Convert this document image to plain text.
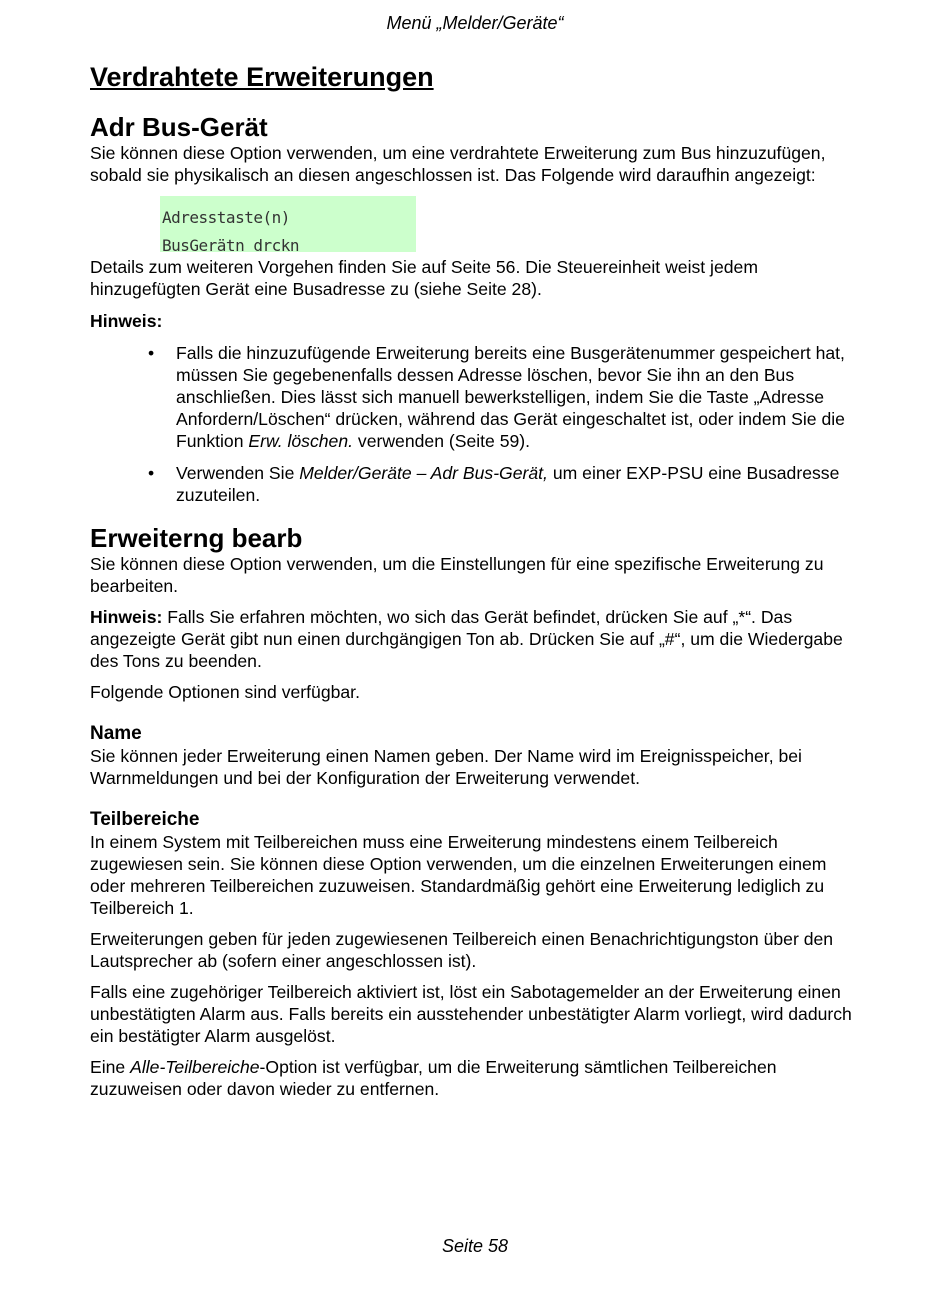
Menü „Melder/Geräte“
Verdrahtete Erweiterungen
Adr Bus-Gerät

Sie können diese Option verwenden, um eine verdrahtete Erweiterung zum Bus hinzuzufügen, sobald sie physikalisch an diesen angeschlossen ist. Das Folgende wird daraufhin angezeigt:

Adresstaste(n)
BusGerätn drckn

Details zum weiteren Vorgehen finden Sie auf Seite 56. Die Steuereinheit weist jedem hinzugefügten Gerät eine Busadresse zu (siehe Seite 28).

Hinweis:

• Falls die hinzuzufügende Erweiterung bereits eine Busgerätenummer gespeichert hat, müssen Sie gegebenenfalls dessen Adresse löschen, bevor Sie ihn an den Bus anschließen. Dies lässt sich manuell bewerkstelligen, indem Sie die Taste „Adresse Anfordern/Löschen“ drücken, während das Gerät eingeschaltet ist, oder indem Sie die Funktion Erw. löschen. verwenden (Seite 59).
• Verwenden Sie Melder/Geräte – Adr Bus-Gerät, um einer EXP-PSU eine Busadresse zuzuteilen.
Erweiterng bearb

Sie können diese Option verwenden, um die Einstellungen für eine spezifische Erweiterung zu bearbeiten.

Hinweis: Falls Sie erfahren möchten, wo sich das Gerät befindet, drücken Sie auf „*“. Das angezeigte Gerät gibt nun einen durchgängigen Ton ab. Drücken Sie auf „#“, um die Wiedergabe des Tons zu beenden.

Folgende Optionen sind verfügbar.

Name

Sie können jeder Erweiterung einen Namen geben. Der Name wird im Ereignisspeicher, bei Warnmeldungen und bei der Konfiguration der Erweiterung verwendet.

Teilbereiche

In einem System mit Teilbereichen muss eine Erweiterung mindestens einem Teilbereich zugewiesen sein. Sie können diese Option verwenden, um die einzelnen Erweiterungen einem oder mehreren Teilbereichen zuzuweisen. Standardmäßig gehört eine Erweiterung lediglich zu Teilbereich 1.

Erweiterungen geben für jeden zugewiesenen Teilbereich einen Benachrichtigungston über den Lautsprecher ab (sofern einer angeschlossen ist).

Falls eine zugehöriger Teilbereich aktiviert ist, löst ein Sabotagemelder an der Erweiterung einen unbestätigten Alarm aus. Falls bereits ein ausstehender unbestätigter Alarm vorliegt, wird dadurch ein bestätigter Alarm ausgelöst.

Eine Alle-Teilbereiche-Option ist verfügbar, um die Erweiterung sämtlichen Teilbereichen zuzuweisen oder davon wieder zu entfernen.

Seite 58
